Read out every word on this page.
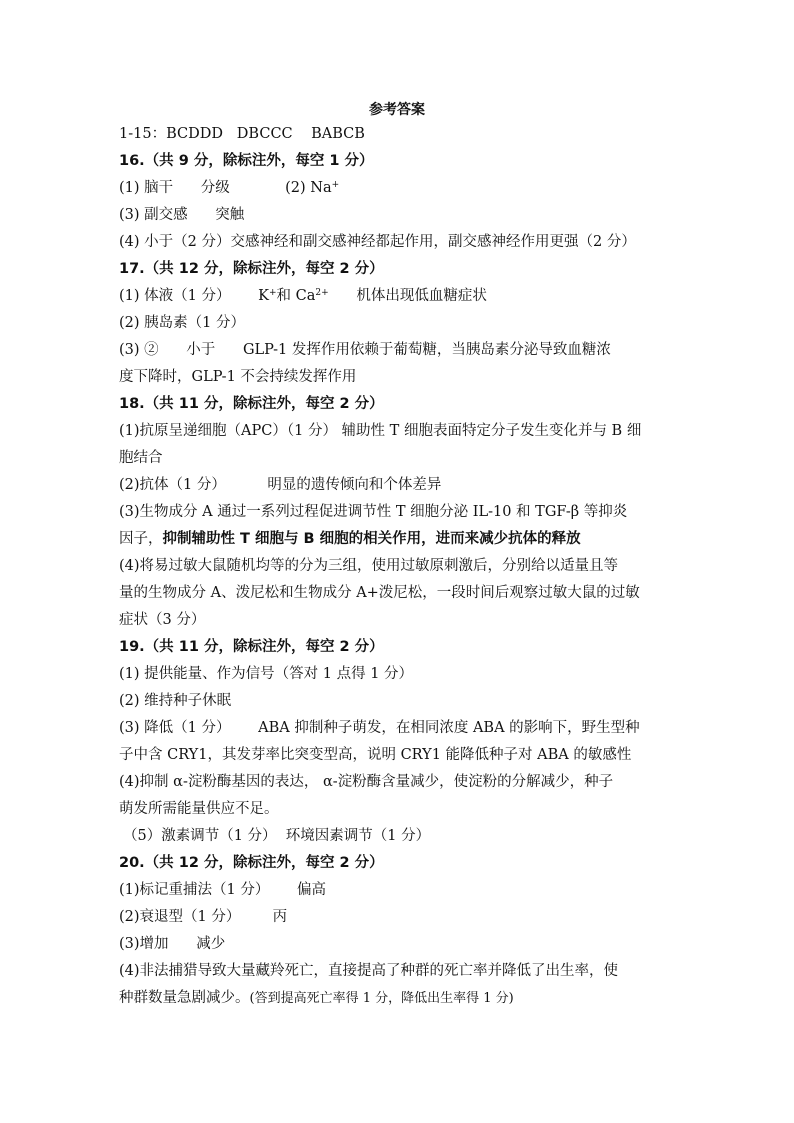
参考答案
1-15：BCDDD   DBCCC    BABCB
16.（共 9 分，除标注外，每空 1 分）
(1) 脑干      分级            (2) Na+
(3) 副交感      突触
(4) 小于（2 分）交感神经和副交感神经都起作用，副交感神经作用更强（2 分）
17.（共 12 分，除标注外，每空 2 分）
(1) 体液（1 分）      K+和 $Ca^{2+}$      机体出现低血糖症状
(2) 胰岛素（1 分）
(3) ②      小于      GLP-1 发挥作用依赖于葡萄糖，当胰岛素分泌导致血糖浓
度下降时，GLP-1 不会持续发挥作用
18.（共 11 分，除标注外，每空 2 分）
(1)抗原呈递细胞（APC）（1 分） 辅助性 T 细胞表面特定分子发生变化并与 B 细
胞结合
(2)抗体（1 分）         明显的遗传倾向和个体差异
(3)生物成分 A 通过一系列过程促进调节性 T 细胞分泌 IL-10 和 TGF-β 等抑炎
因子，抑制辅助性 T 细胞与 B 细胞的相关作用，进而来减少抗体的释放
(4)将易过敏大鼠随机均等的分为三组，使用过敏原刺激后，分别给以适量且等
量的生物成分 A、泼尼松和生物成分 A+泼尼松，一段时间后观察过敏大鼠的过敏
症状（3 分）
19.（共 11 分，除标注外，每空 2 分）
(1) 提供能量、作为信号（答对 1 点得 1 分）
(2) 维持种子休眠
(3) 降低（1 分）      ABA 抑制种子萌发，在相同浓度 ABA 的影响下，野生型种
子中含 CRY1，其发芽率比突变型高，说明 CRY1 能降低种子对 ABA 的敏感性
(4)抑制 α-淀粉酶基因的表达， α-淀粉酶含量减少，使淀粉的分解减少，种子
萌发所需能量供应不足。
（5）激素调节（1 分）  环境因素调节（1 分）
20.（共 12 分，除标注外，每空 2 分）
(1)标记重捕法（1 分）      偏高
(2)衰退型（1 分）       丙
(3)增加      减少
(4)非法捕猎导致大量藏羚死亡，直接提高了种群的死亡率并降低了出生率，使
种群数量急剧减少。(答到提高死亡率得 1 分，降低出生率得 1 分)
